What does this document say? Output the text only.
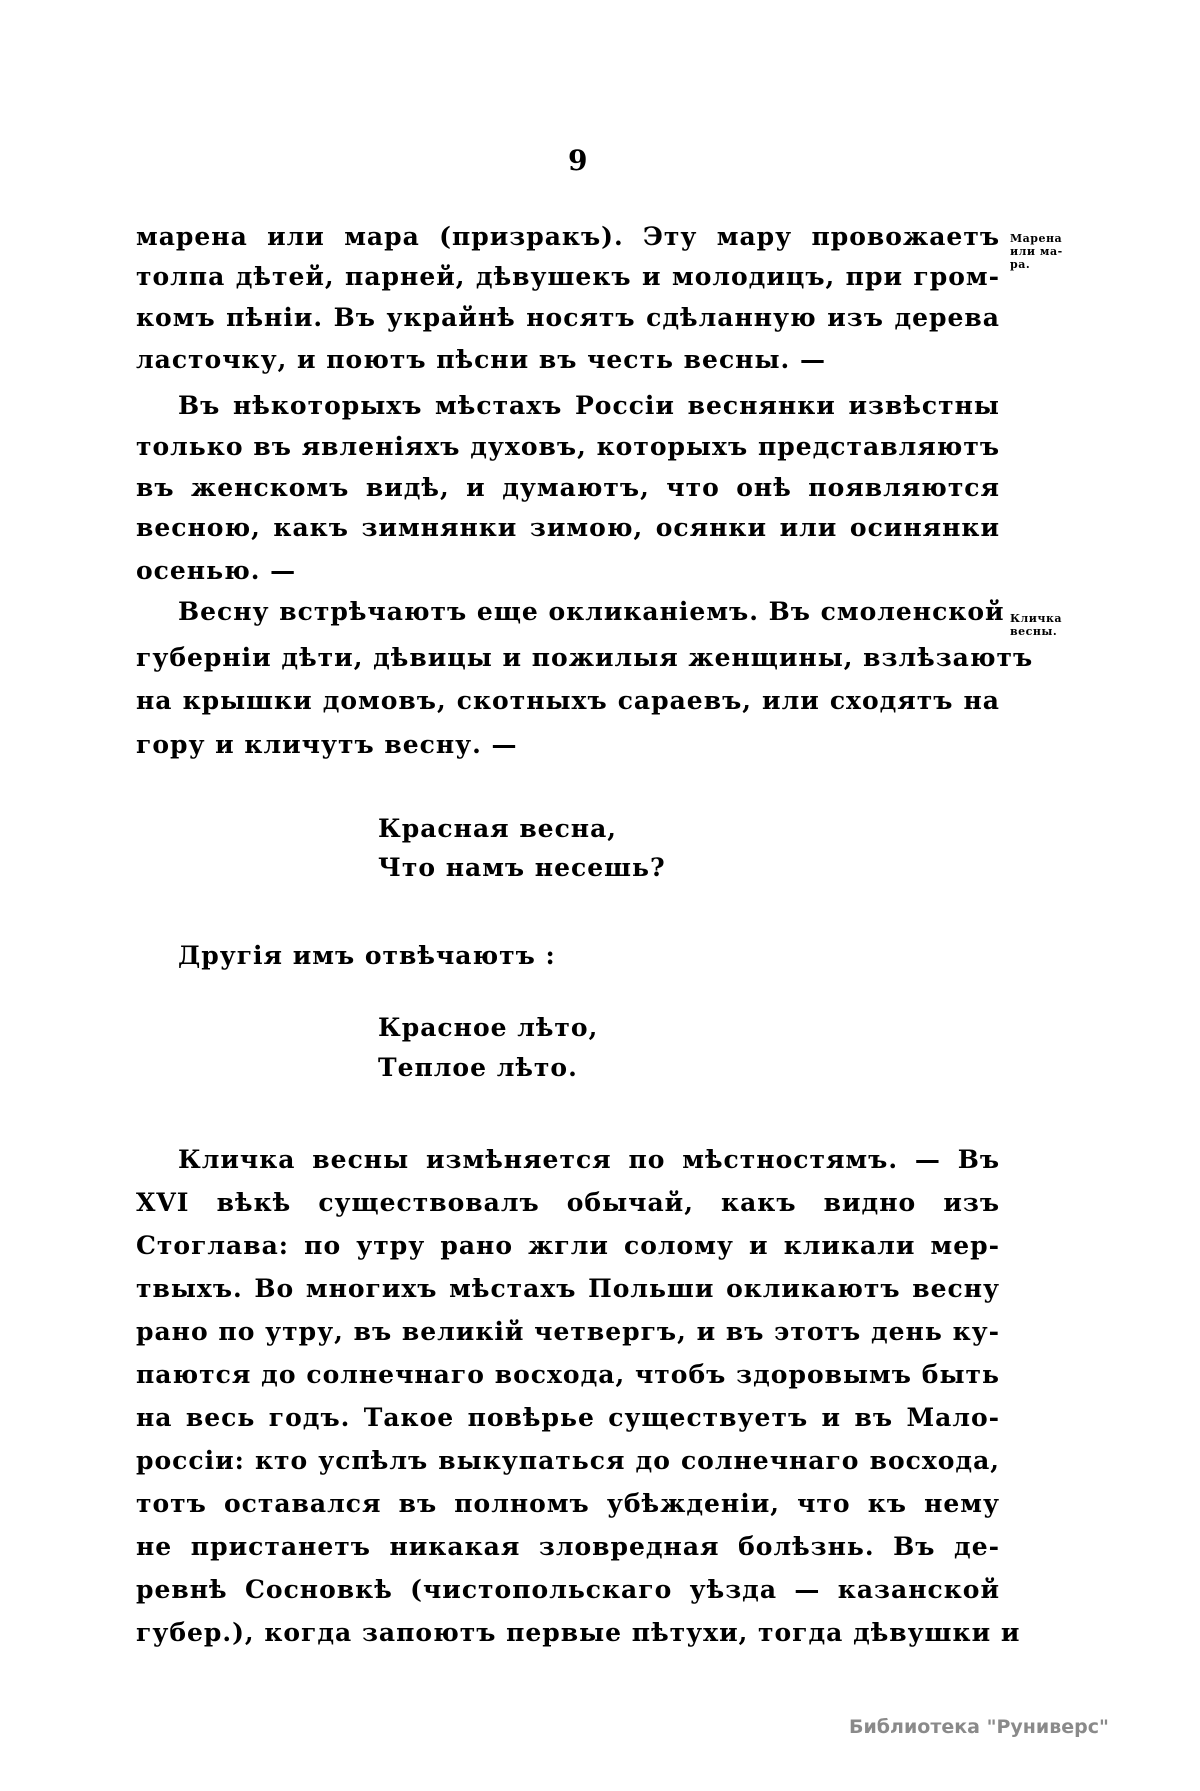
9
марена или мара (призракъ). Эту мару провожаетъ
толпа дѣтей, парней, дѣвушекъ и молодицъ, при гром-
комъ пѣніи. Въ украйнѣ носятъ сдѣланную изъ дерева
ласточку, и поютъ пѣсни въ честь весны. —
Въ нѣкоторыхъ мѣстахъ Россіи веснянки извѣстны
только въ явленіяхъ духовъ, которыхъ представляютъ
въ женскомъ видѣ, и думаютъ, что онѣ появляются
весною, какъ зимнянки зимою, осянки или осинянки
осенью. —
Весну встрѣчаютъ еще окликаніемъ. Въ смоленской
губерніи дѣти, дѣвицы и пожилыя женщины, взлѣзаютъ
на крышки домовъ, скотныхъ сараевъ, или сходятъ на
гору и кличутъ весну. —
Красная весна,
Что намъ несешь?
Другія имъ отвѣчаютъ :
Красное лѣто,
Теплое лѣто.
Кличка весны измѣняется по мѣстностямъ. — Въ
XVI вѣкѣ существовалъ обычай, какъ видно изъ
Стоглава: по утру рано жгли солому и кликали мер-
твыхъ. Во многихъ мѣстахъ Польши окликаютъ весну
рано по утру, въ великій четвергъ, и въ этотъ день ку-
паются до солнечнаго восхода, чтобъ здоровымъ быть
на весь годъ. Такое повѣрье существуетъ и въ Мало-
россіи: кто успѣлъ выкупаться до солнечнаго восхода,
тотъ оставался въ полномъ убѣжденіи, что къ нему
не пристанетъ никакая зловредная болѣзнь. Въ де-
ревнѣ Сосновкѣ (чистопольскаго уѣзда — казанской
губер.), когда запоютъ первые пѣтухи, тогда дѣвушки и
Марена
или ма-
ра.
Кличка
весны.
Библиотека "Руниверс"
